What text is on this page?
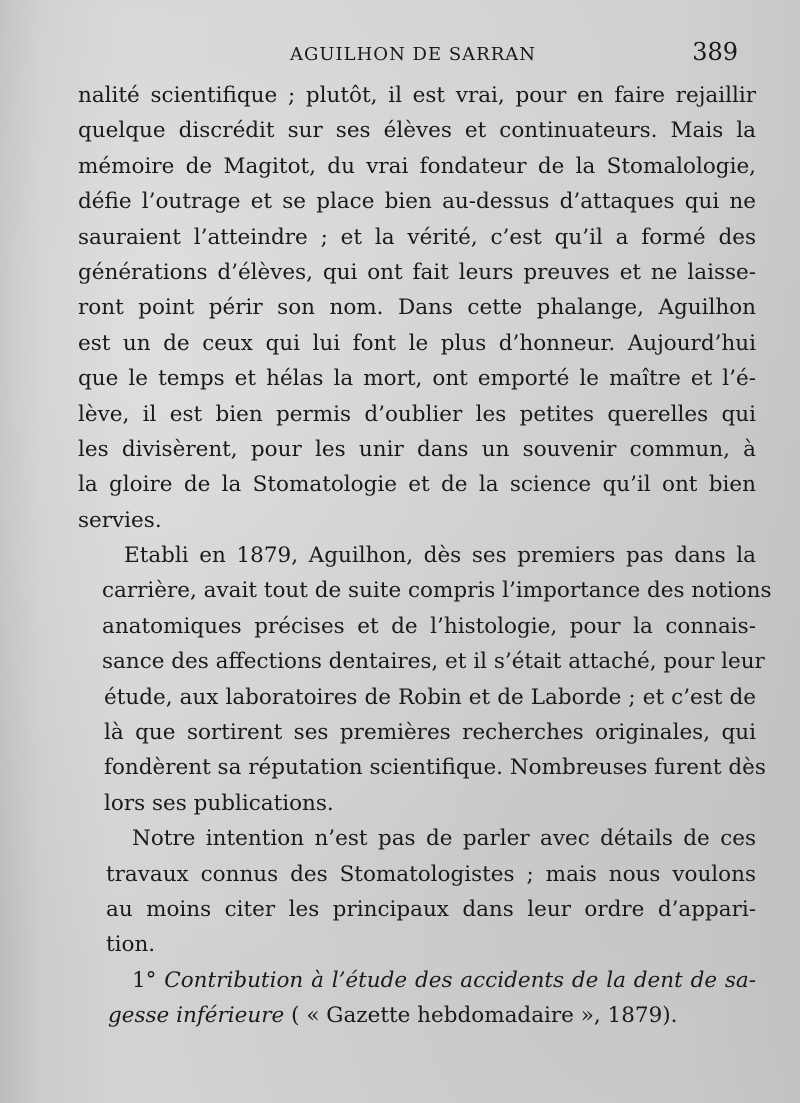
AGUILHON DE SARRAN	389
nalité scientifique ; plutôt, il est vrai, pour en faire rejaillir
quelque discrédit sur ses élèves et continuateurs. Mais la
mémoire de Magitot, du vrai fondateur de la Stomalologie,
défie l’outrage et se place bien au-dessus d’attaques qui ne
sauraient l’atteindre ; et la vérité, c’est qu’il a formé des
générations d’élèves, qui ont fait leurs preuves et ne laisse-
ront point périr son nom. Dans cette phalange, Aguilhon
est un de ceux qui lui font le plus d’honneur. Aujourd’hui
que le temps et hélas la mort, ont emporté le maître et l’é-
lève, il est bien permis d’oublier les petites querelles qui
les divisèrent, pour les unir dans un souvenir commun, à
la gloire de la Stomatologie et de la science qu’il ont bien
servies.
Etabli en 1879, Aguilhon, dès ses premiers pas dans la
carrière, avait tout de suite compris l’importance des notions
anatomiques précises et de l’histologie, pour la connais-
sance des affections dentaires, et il s’était attaché, pour leur
étude, aux laboratoires de Robin et de Laborde ; et c’est de
là que sortirent ses premières recherches originales, qui
fondèrent sa réputation scientifique. Nombreuses furent dès
lors ses publications.
Notre intention n’est pas de parler avec détails de ces
travaux connus des Stomatologistes ; mais nous voulons
au moins citer les principaux dans leur ordre d’appari-
tion.
1° Contribution à l’étude des accidents de la dent de sa-
gesse inférieure ( « Gazette hebdomadaire », 1879).
